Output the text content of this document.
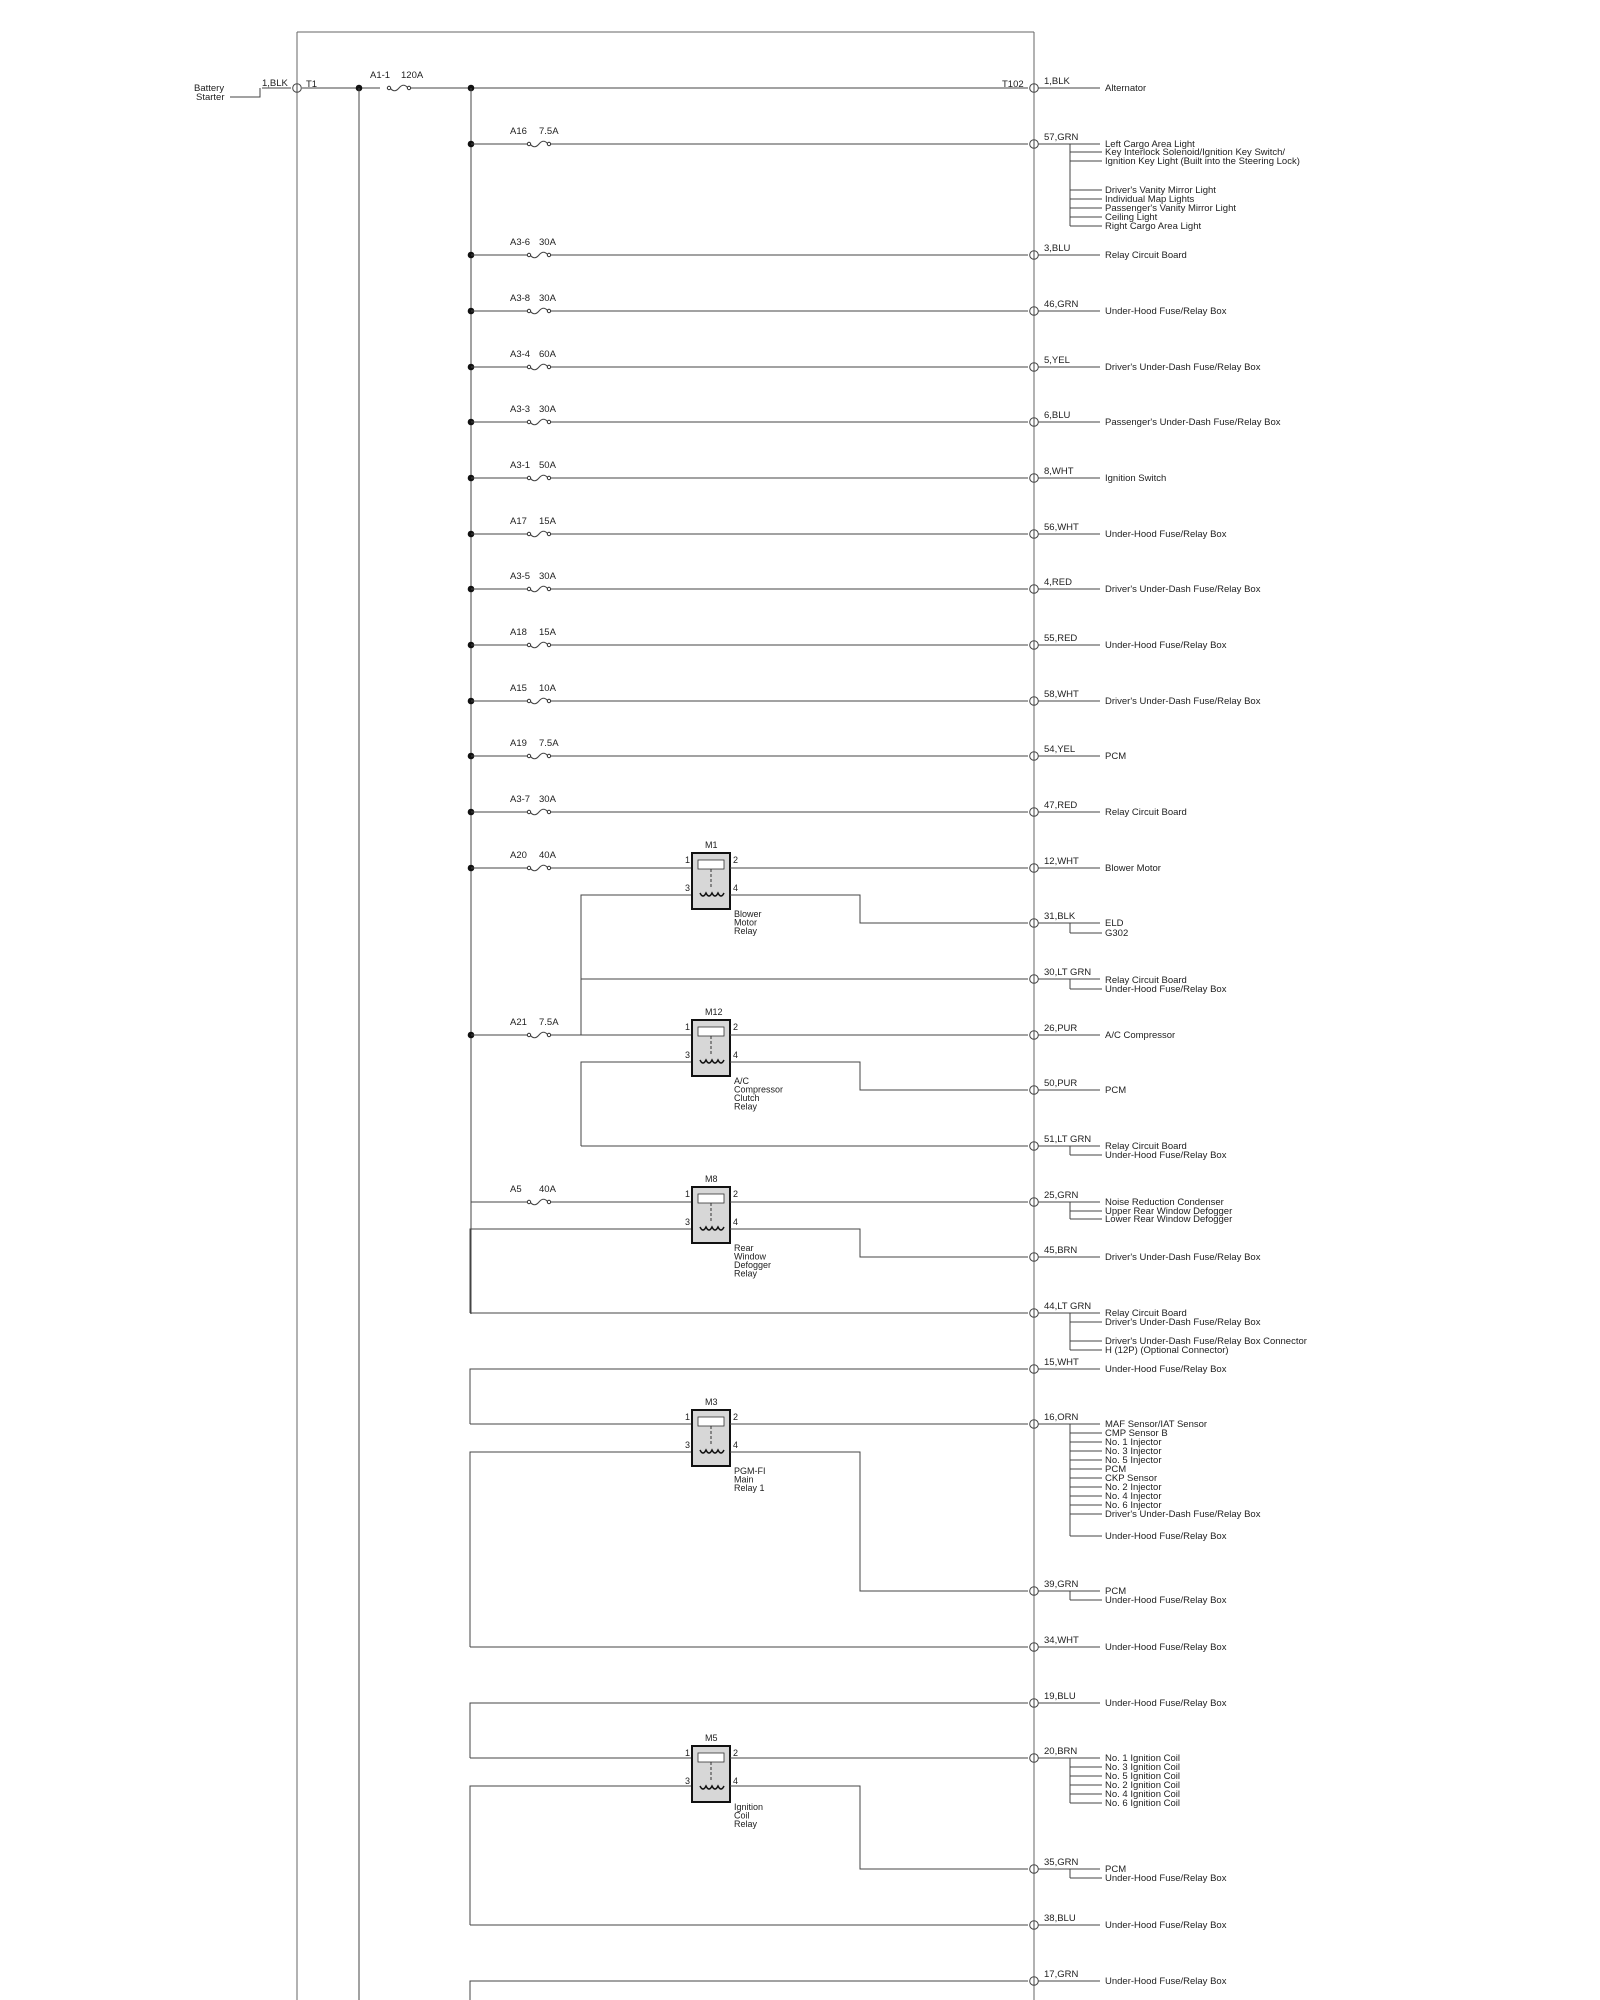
Battery
Starter
1,BLK T1
A1-1 120A
T102 1,BLK
Alternator
57,GRN
Left Cargo Area Light
Key Interlock Solenoid/Ignition Key Switch/
Ignition Key Light (Built into the Steering Lock)
Driver's Vanity Mirror Light
Individual Map Lights
Passenger's Vanity Mirror Light
Ceiling Light
Right Cargo Area Light
3,BLU
Relay Circuit Board
46,GRN
Under-Hood Fuse/Relay Box
5,YEL
Driver's Under-Dash Fuse/Relay Box
6,BLU
Passenger's Under-Dash Fuse/Relay Box
8,WHT
Ignition Switch
56,WHT
Under-Hood Fuse/Relay Box
4,RED
Driver's Under-Dash Fuse/Relay Box
55,RED
Under-Hood Fuse/Relay Box
58,WHT
Driver's Under-Dash Fuse/Relay Box
54,YEL
PCM
47,RED
Relay Circuit Board
12,WHT
Blower Motor
31,BLK
ELD
G302
30,LT GRN
Relay Circuit Board
Under-Hood Fuse/Relay Box
26,PUR
A/C Compressor
50,PUR
PCM
51,LT GRN
Relay Circuit Board
Under-Hood Fuse/Relay Box
25,GRN
Noise Reduction Condenser
Upper Rear Window Defogger
Lower Rear Window Defogger
45,BRN
Driver's Under-Dash Fuse/Relay Box
44,LT GRN
Relay Circuit Board
Driver's Under-Dash Fuse/Relay Box
Driver's Under-Dash Fuse/Relay Box Connector
H (12P) (Optional Connector)
15,WHT
Under-Hood Fuse/Relay Box
16,ORN
MAF Sensor/IAT Sensor
CMP Sensor B
No. 1 Injector
No. 3 Injector
No. 5 Injector
PCM
CKP Sensor
No. 2 Injector
No. 4 Injector
No. 6 Injector
Driver's Under-Dash Fuse/Relay Box
Under-Hood Fuse/Relay Box
39,GRN
PCM
Under-Hood Fuse/Relay Box
34,WHT
Under-Hood Fuse/Relay Box
19,BLU
Under-Hood Fuse/Relay Box
20,BRN
No. 1 Ignition Coil
No. 3 Ignition Coil
No. 5 Ignition Coil
No. 2 Ignition Coil
No. 4 Ignition Coil
No. 6 Ignition Coil
35,GRN
PCM
Under-Hood Fuse/Relay Box
38,BLU
Under-Hood Fuse/Relay Box
17,GRN
Under-Hood Fuse/Relay Box
A16 7.5A
A3-6 30A
A3-8 30A
A3-4 60A
A3-3 30A
A3-1 50A
A17 15A
A3-5 30A
A18 15A
A15 10A
A19 7.5A
A3-7 30A
A20 40A
A21 7.5A
A5 40A
M1
1	2
3	4
Blower
Motor
Relay
M12
1	2
3	4
A/C
Compressor
Clutch
Relay
M8
1	2
3	4
Rear
Window
Defogger
Relay
M3
1	2
3	4
PGM-FI
Main
Relay 1
M5
1	2
3	4
Ignition
Coil
Relay
